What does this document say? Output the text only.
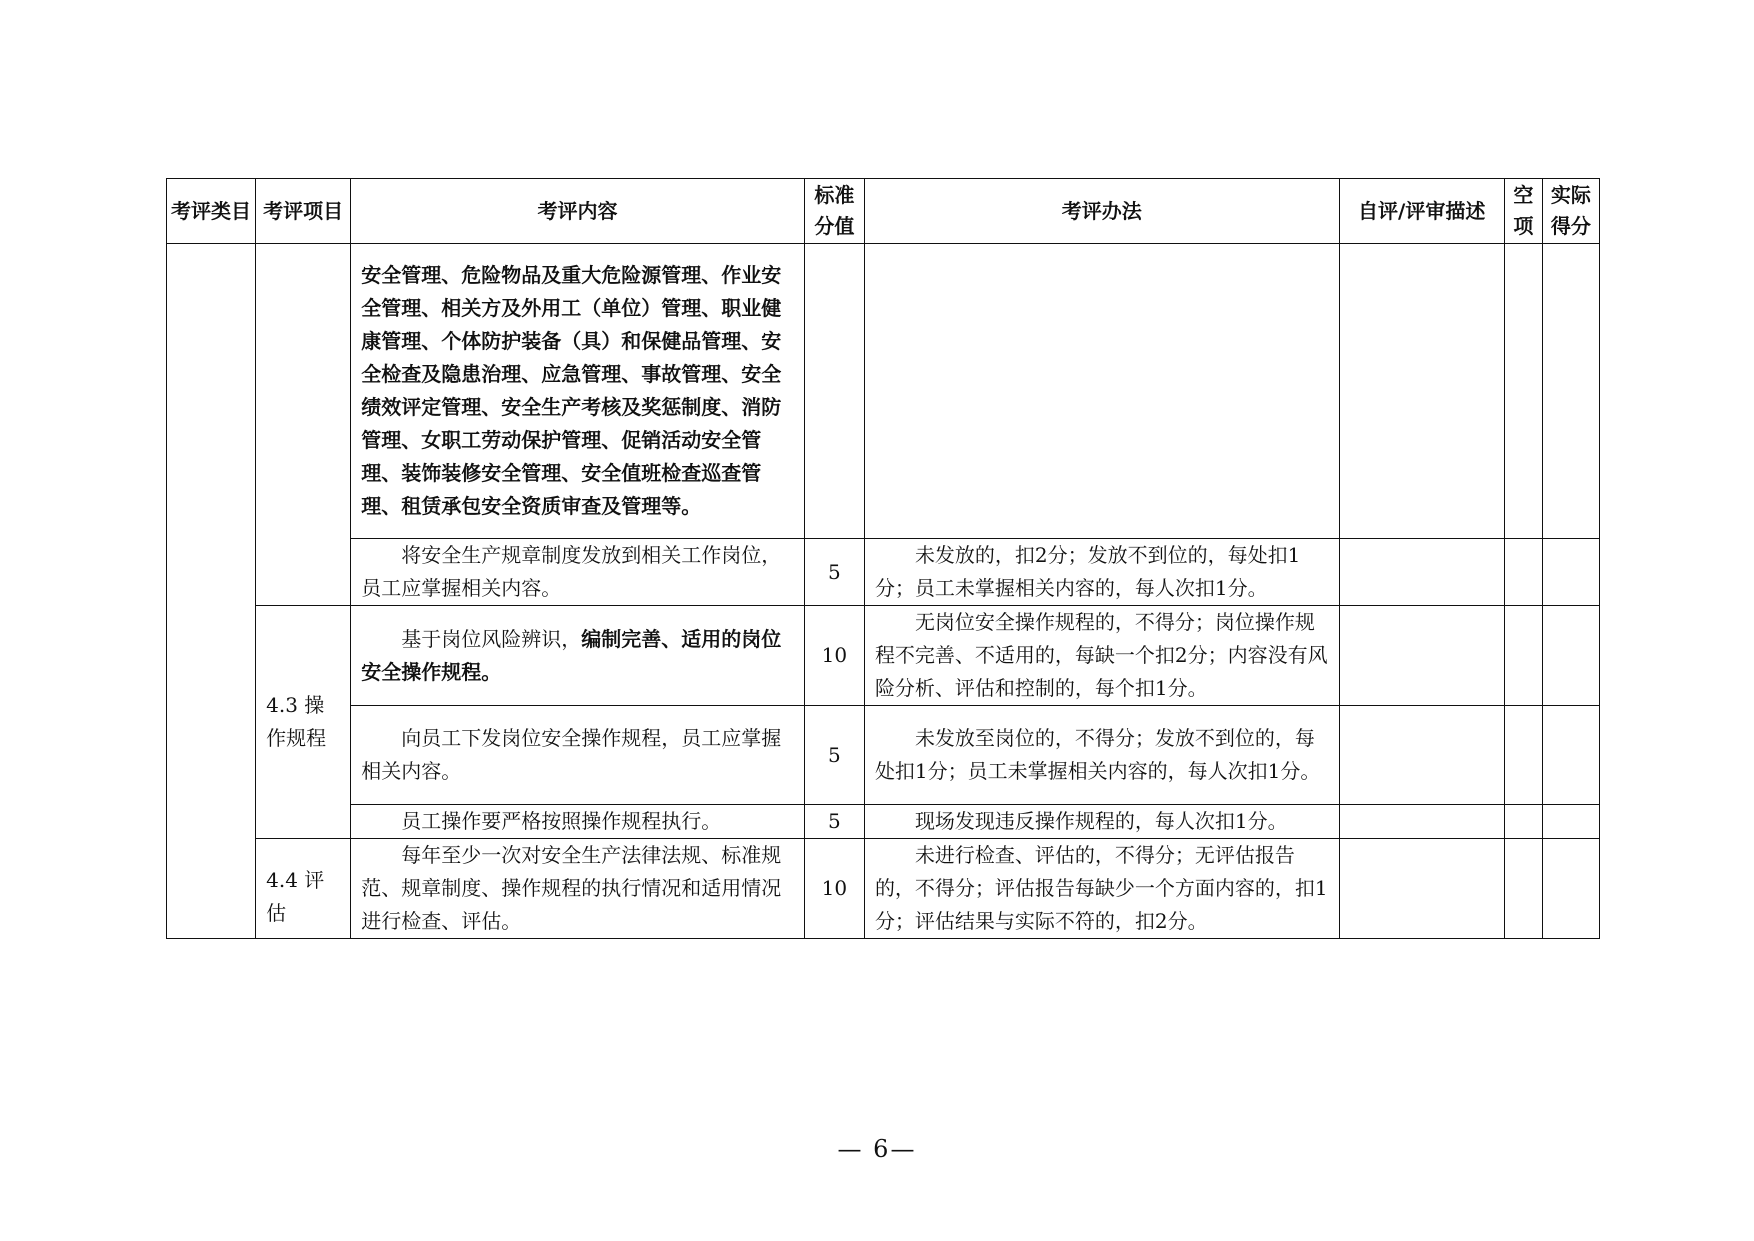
考评类目	考评项目	考评内容	标准分值	考评办法	自评/评审描述	空项	实际得分
		安全管理、危险物品及重大危险源管理、作业安全管理、相关方及外用工（单位）管理、职业健康管理、个体防护装备（具）和保健品管理、安全检查及隐患治理、应急管理、事故管理、安全绩效评定管理、安全生产考核及奖惩制度、消防管理、女职工劳动保护管理、促销活动安全管理、装饰装修安全管理、安全值班检查巡查管理、租赁承包安全资质审查及管理等。					
		将安全生产规章制度发放到相关工作岗位，员工应掌握相关内容。	5	未发放的，扣2分；发放不到位的，每处扣1分；员工未掌握相关内容的，每人次扣1分。			
	4.3 操作规程	基于岗位风险辨识，编制完善、适用的岗位安全操作规程。	10	无岗位安全操作规程的，不得分；岗位操作规程不完善、不适用的，每缺一个扣2分；内容没有风险分析、评估和控制的，每个扣1分。			
		向员工下发岗位安全操作规程，员工应掌握相关内容。	5	未发放至岗位的，不得分；发放不到位的，每处扣1分；员工未掌握相关内容的，每人次扣1分。			
		员工操作要严格按照操作规程执行。	5	现场发现违反操作规程的，每人次扣1分。			
	4.4 评估	每年至少一次对安全生产法律法规、标准规范、规章制度、操作规程的执行情况和适用情况进行检查、评估。	10	未进行检查、评估的，不得分；无评估报告的，不得分；评估报告每缺少一个方面内容的，扣1分；评估结果与实际不符的，扣2分。			
— 6—
